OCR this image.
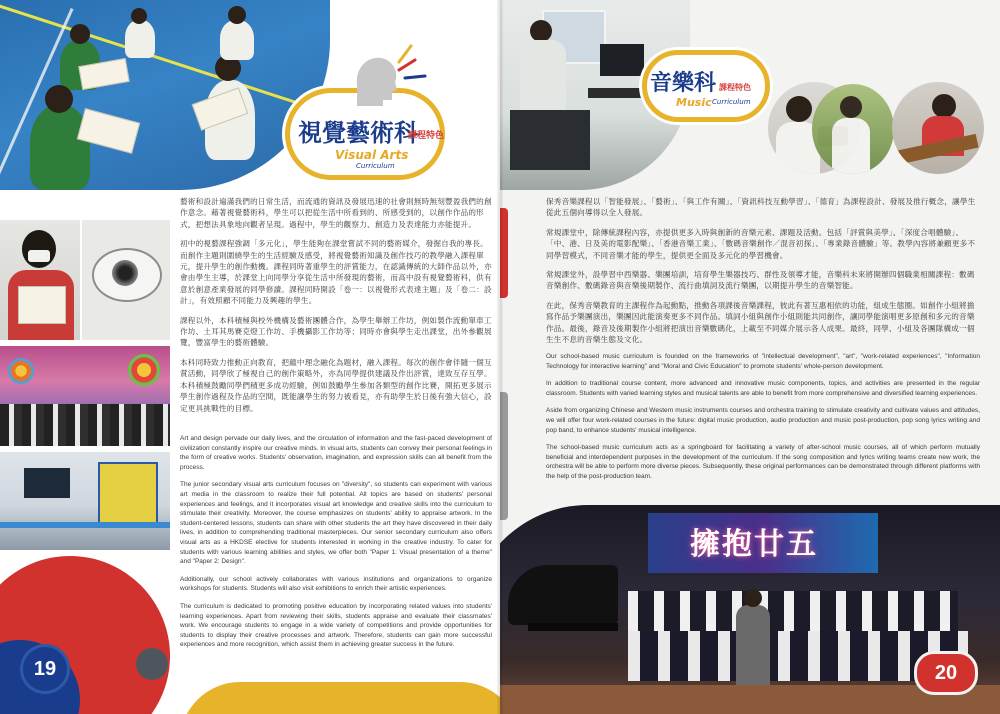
視覺藝術科
課程特色
Visual Arts
Curriculum
19

藝術和設計遍滿我們的日常生活，而流通的資訊及發展迅速的社會則無時無刻豐盈我們的創作意念。藉著視覺藝術科，學生可以把從生活中所看到的、所感受到的，以創作作品的形式，把想法具象地向觀者呈現。過程中，學生的觀察力、創造力及表達能力亦能提升。

初中的視藝課程強調「多元化」，學生能夠在課堂嘗試不同的藝術媒介，發掘自我的專長。而創作主題則圍繞學生的生活經驗及感受，將視覺藝術知識及創作技巧的教學融入課程單元，提升學生的創作動機。課程同時著重學生的評賞能力，在認識傳統的大師作品以外，亦會由學生主導，於課堂上向同學分享從生活中所發現的藝術，而高中設有視覺藝術科，供有意於創意產業發展的同學修讀。課程同時開設「卷一：以視覺形式表達主題」及「卷二：設計」，有效照顧不同能力及興趣的學生。

課程以外，本科積極與校外機構及藝術團體合作，為學生舉辦工作坊，例如製作流動單車工作坊、土耳其馬賽克燈工作坊、手機攝影工作坊等；同時亦會與學生走出課堂，出外參觀展覽，豐富學生的藝術體驗。

本科同時致力推動正向教育，把蘊中理念融化為題材，融入課程。每次的創作會伴隨一個互賞活動，同學欣了極視自己的創作策略外，亦為同學提供建議及作出評賞，達致互存互學。本科積極鼓勵同學們積更多成功經驗，例如鼓勵學生參加各類型的創作比賽，開拓更多展示學生創作過程及作品的空間，既能讓學生的努力被看見，亦有助學生於日後有強大信心，設定更具挑戰性的目標。

Art and design pervade our daily lives, and the circulation of information and the fast-paced development of civilization constantly inspire our creative minds. In visual arts, students can convey their personal feelings in the form of creative works. Students' observation, imagination, and expression skills can all benefit from the process.

The junior secondary visual arts curriculum focuses on "diversity", so students can experiment with various art media in the classroom to realize their full potential. All topics are based on students' personal experiences and feelings, and it incorporates visual art knowledge and creative skills into the curriculum to stimulate their creativity. Moreover, the course emphasizes on students' ability to appraise artwork. In the student-centered lessons, students can share with other students the art they have discovered in their daily lives, in addition to comprehending traditional masterpieces. Our senior secondary curriculum also offers visual arts as a HKDSE elective for students interested in working in the creative industry. To cater for students with various learning abilities and styles, we offer both "Paper 1: Visual presentation of a theme" and "Paper 2: Design".

Additionally, our school actively collaborates with various institutions and organizations to organize workshops for students. Students will also visit exhibitions to enrich their artistic experiences.

The curriculum is dedicated to promoting positive education by incorporating related values into students' learning experiences. Apart from reviewing their skills, students appraise and evaluate their classmates' work. We encourage students to engage in a wide variety of competitions and provide opportunities for students to display their creative processes and artwork. Therefore, students can gain more successful experiences and more recognition, which assist them in achieving greater success in the future.

音樂科 課程特色
Music Curriculum

保秀音樂課程以「智能發展」、「藝術」、「與工作有關」、「資訊科技互動學習」、「德育」為課程設計、發展及推行概念，讓學生從此五個向導得以全人發展。

常規課堂中，除傳統課程內容，亦提供更多入時與創新的音樂元素、課題及活動。包括「評賞與美學」、「深度合唱體驗」、「中、港、日及美的電影配樂」、「香港音樂工業」、「數碼音樂創作／混音初探」、「專業錄音體驗」等。教學內容將兼顧更多不同學習模式，不同音樂才能的學生，提供更全面及多元化的學習機會。

常規課堂外，設學習中西樂器、樂團培訓，培育學生樂器技巧、群性及領導才能，音樂科未來將開辦四個職業相關課程：數碼音樂創作、數碼錄音與音樂後期製作、流行曲填詞及流行樂團，以期提升學生的音樂智能。

在此，保秀音樂教育的主課程作為起動點，推動各項課後音樂課程，彼此有著互惠相依的功能，組成生態圈。如創作小組將擔寫作品予樂團演出，樂團因此能演奏更多不同作品。填詞小組與創作小組則能共同創作，讓同學能演唱更多原創和多元的音樂作品。最後，錄音及後期製作小組將把演出音樂數碼化，上載至不同媒介展示各人成果。最終，同學、小組及各團隊構成一個生生不息的音樂生態及文化。

Our school-based music curriculum is founded on the frameworks of "intellectual development", "art", "work-related experiences", "Information Technology for interactive learning" and "Moral and Civic Education" to promote students' whole-person development.

In addition to traditional course content, more advanced and innovative music components, topics, and activities are presented in the regular classroom. Students with varied learning styles and musical talents are able to benefit from more comprehensive and diversified learning experiences.

Aside from organizing Chinese and Western music instruments courses and orchestra training to stimulate creativity and cultivate values and attitudes, we will offer four work-related courses in the future: digital music production, audio production and music post-production, pop song lyrics writing and pop band, to enhance students' musical intelligence.

The school-based music curriculum acts as a springboard for facilitating a variety of after-school music courses, all of which perform mutually beneficial and interdependent purposes in the development of the curriculum. If the song composition and lyrics writing teams create new work, the orchestra will be able to perform more diverse pieces. Subsequently, these original performances can be demonstrated through different platforms with the help of the post-production team.

擁抱廿五
20
